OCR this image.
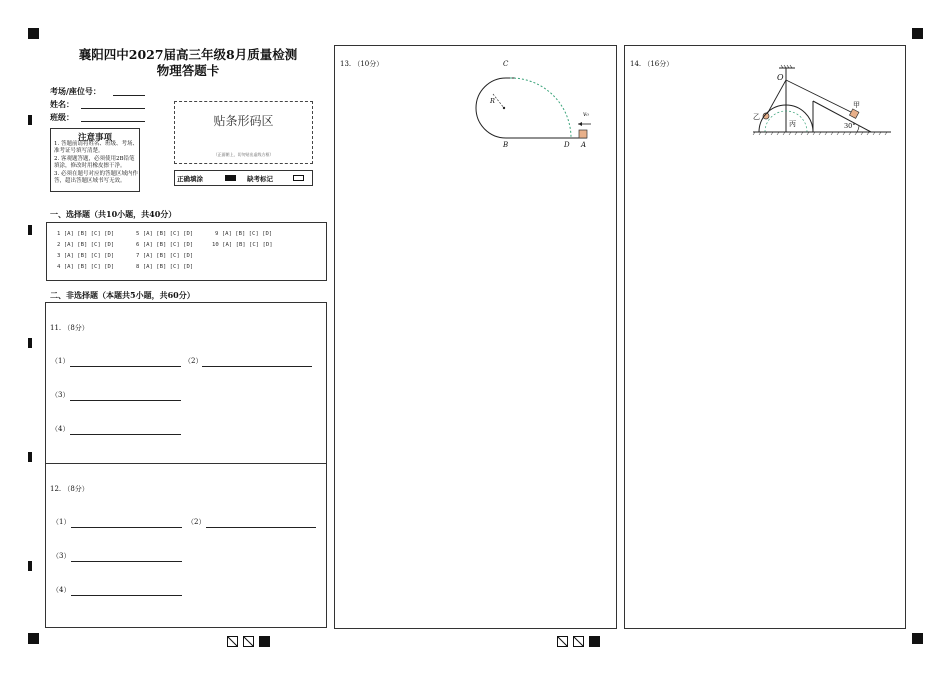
襄阳四中2027届高三年级8月质量检测
物理答题卡
考场/座位号：
姓名：
班级：
注意事项
1. 答题前请将姓名、班级、考场、准考证号填写清楚。
2. 客观题答题，必须使用2B铅笔填涂，修改时用橡皮擦干净。
3. 必须在题号对应的答题区域内作答，超出答题区域书写无效。
贴条形码区
（正面朝上，切勿贴出虚线方框）
正确填涂	缺考标记
一、选择题（共10小题，共40分）
1 [A] [B] [C] [D]	5 [A] [B] [C] [D]	9 [A] [B] [C] [D]
2 [A] [B] [C] [D]	6 [A] [B] [C] [D]	10 [A] [B] [C] [D]
3 [A] [B] [C] [D]	7 [A] [B] [C] [D]
4 [A] [B] [C] [D]	8 [A] [B] [C] [D]
二、非选择题（本题共5小题，共60分）
11. （8分）
（1）	（2）
（3）
（4）
12. （8分）
（1）	（2）
（3）
（4）
13. （10分）	C
R
B	D A
v₀
14. （16分）
O
乙
丙
甲
30°
